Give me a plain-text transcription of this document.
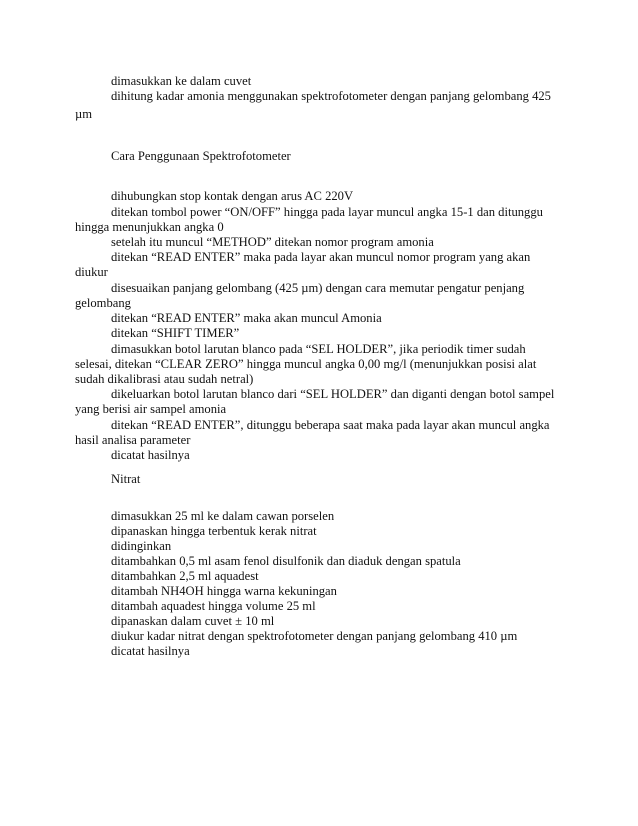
dimasukkan ke dalam cuvet
dihitung kadar amonia menggunakan spektrofotometer dengan panjang gelombang 425
µm
Cara Penggunaan Spektrofotometer
dihubungkan stop kontak dengan arus AC 220V
ditekan tombol power “ON/OFF” hingga pada layar muncul angka 15-1 dan ditunggu
hingga menunjukkan angka 0
setelah itu muncul “METHOD” ditekan nomor program amonia
ditekan “READ ENTER” maka pada layar akan muncul nomor program yang akan
diukur
disesuaikan panjang gelombang (425 µm) dengan cara memutar pengatur penjang
gelombang
ditekan “READ ENTER” maka akan muncul Amonia
ditekan “SHIFT TIMER”
dimasukkan botol larutan blanco pada “SEL HOLDER”, jika periodik timer sudah
selesai, ditekan “CLEAR ZERO” hingga muncul angka 0,00 mg/l (menunjukkan posisi alat
sudah dikalibrasi atau sudah netral)
dikeluarkan botol larutan blanco dari “SEL HOLDER” dan diganti dengan botol sampel
yang berisi air sampel amonia
ditekan “READ ENTER”, ditunggu beberapa saat maka pada layar akan muncul angka
hasil analisa parameter
dicatat hasilnya
Nitrat
dimasukkan 25 ml ke dalam cawan porselen
dipanaskan hingga terbentuk kerak nitrat
didinginkan
ditambahkan 0,5 ml asam fenol disulfonik dan diaduk dengan spatula
ditambahkan 2,5 ml aquadest
ditambah NH4OH hingga warna kekuningan
ditambah aquadest hingga volume 25 ml
dipanaskan dalam cuvet ± 10 ml
diukur kadar nitrat dengan spektrofotometer dengan panjang gelombang 410 µm
dicatat hasilnya
